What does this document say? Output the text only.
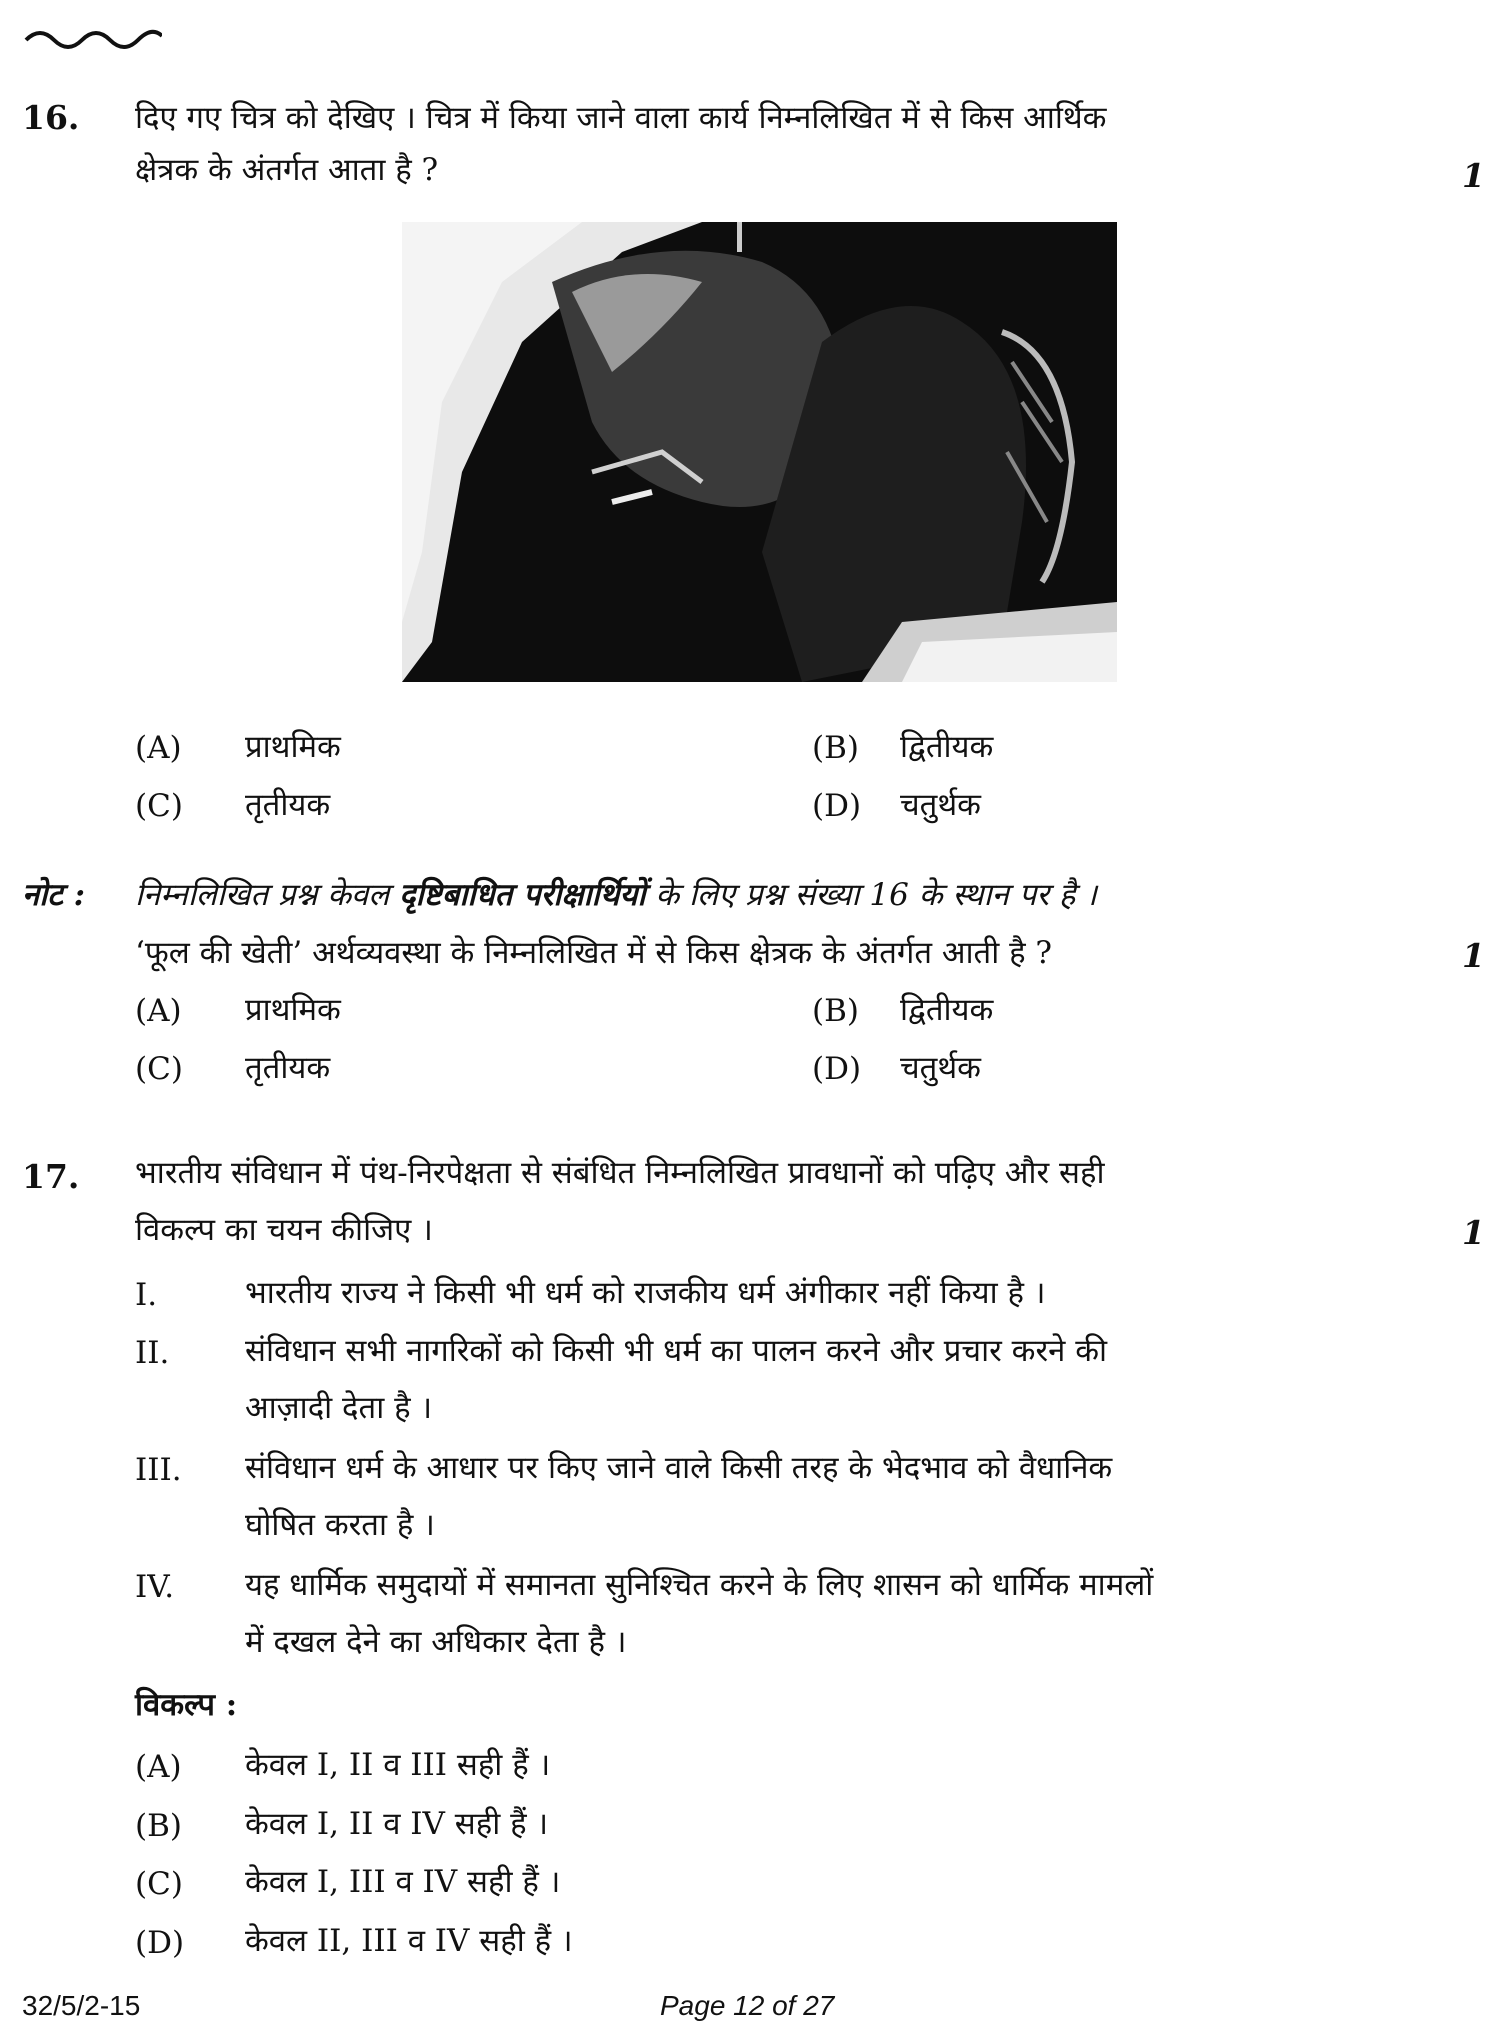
16. दिए गए चित्र को देखिए । चित्र में किया जाने वाला कार्य निम्नलिखित में से किस आर्थिक
क्षेत्रक के अंतर्गत आता है ?	1
(A) प्राथमिक	(B) द्वितीयक
(C) तृतीयक	(D) चतुर्थक
नोट : निम्नलिखित प्रश्न केवल दृष्टिबाधित परीक्षार्थियों के लिए प्रश्न संख्या 16 के स्थान पर है ।
‘फूल की खेती’ अर्थव्यवस्था के निम्नलिखित में से किस क्षेत्रक के अंतर्गत आती है ?	1
(A) प्राथमिक	(B) द्वितीयक
(C) तृतीयक	(D) चतुर्थक
17. भारतीय संविधान में पंथ-निरपेक्षता से संबंधित निम्नलिखित प्रावधानों को पढ़िए और सही
विकल्प का चयन कीजिए ।	1
I.	भारतीय राज्य ने किसी भी धर्म को राजकीय धर्म अंगीकार नहीं किया है ।
II. संविधान सभी नागरिकों को किसी भी धर्म का पालन करने और प्रचार करने की
आज़ादी देता है ।
III. संविधान धर्म के आधार पर किए जाने वाले किसी तरह के भेदभाव को वैधानिक
घोषित करता है ।
IV. यह धार्मिक समुदायों में समानता सुनिश्चित करने के लिए शासन को धार्मिक मामलों
में दखल देने का अधिकार देता है ।
विकल्प :
(A) केवल I, II व III सही हैं ।
(B) केवल I, II व IV सही हैं ।
(C) केवल I, III व IV सही हैं ।
(D) केवल II, III व IV सही हैं ।
32/5/2-15	Page 12 of 27
